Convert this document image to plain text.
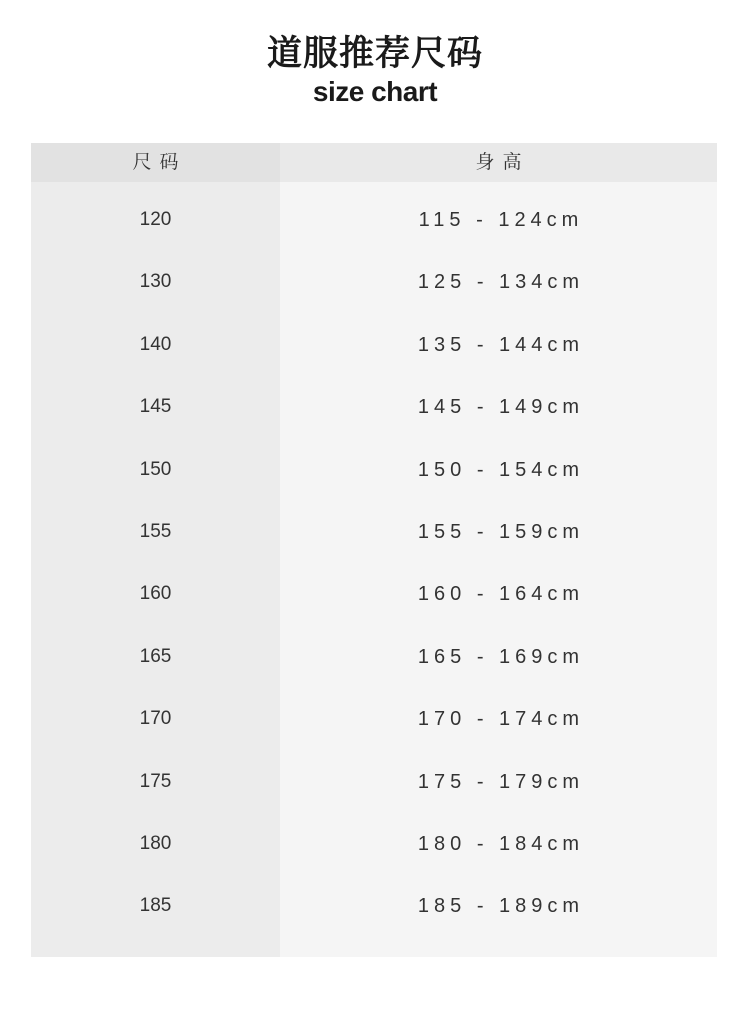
道服推荐尺码
size chart
尺码	身高
120	115 - 124cm
130	125 - 134cm
140	135 - 144cm
145	145 - 149cm
150	150 - 154cm
155	155 - 159cm
160	160 - 164cm
165	165 - 169cm
170	170 - 174cm
175	175 - 179cm
180	180 - 184cm
185	185 - 189cm
